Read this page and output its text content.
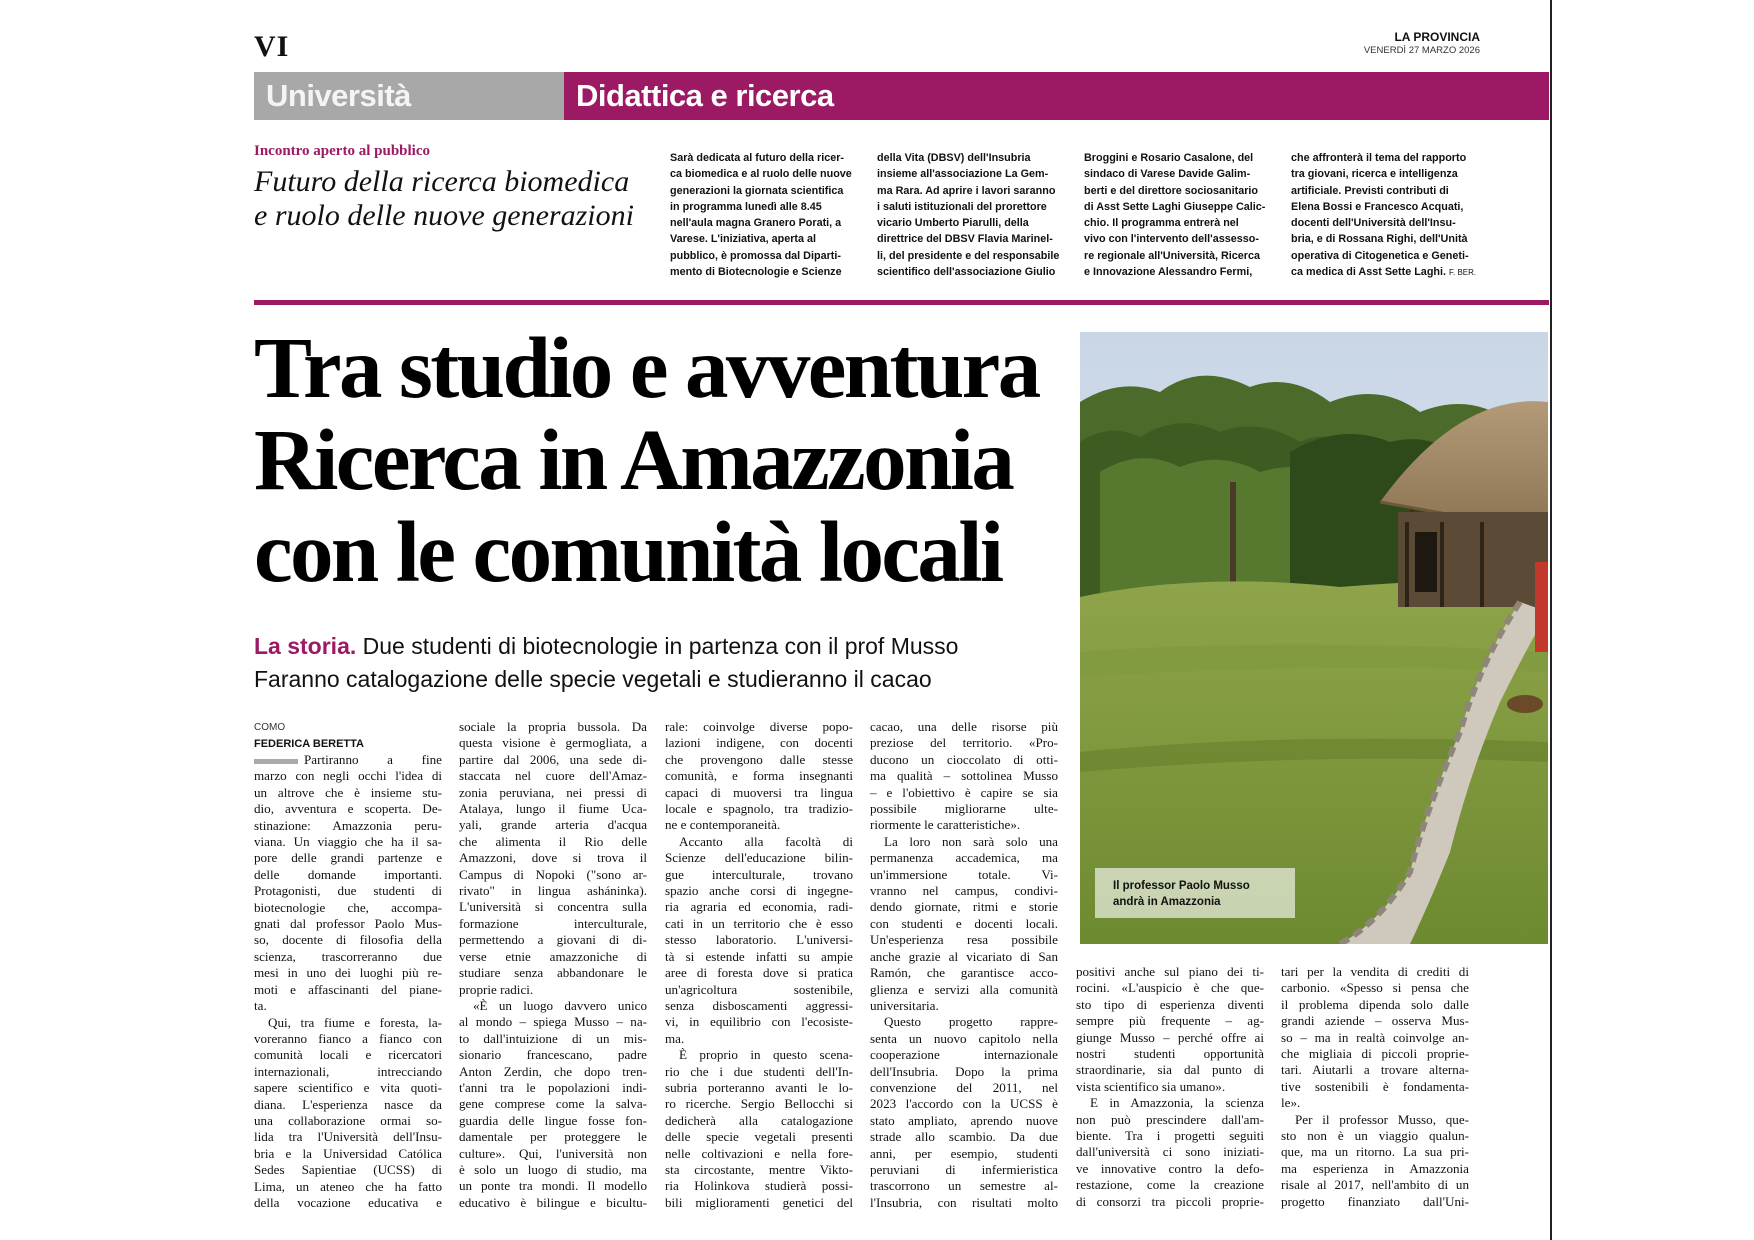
VI	LA PROVINCIA
VENERDÌ 27 MARZO 2026
Università	Didattica e ricerca
Incontro aperto al pubblico
Futuro della ricerca biomedica
e ruolo delle nuove generazioni
Sarà dedicata al futuro della ricer-
ca biomedica e al ruolo delle nuove
generazioni la giornata scientifica
in programma lunedì alle 8.45
nell'aula magna Granero Porati, a
Varese. L'iniziativa, aperta al
pubblico, è promossa dal Diparti-
mento di Biotecnologie e Scienze
della Vita (DBSV) dell'Insubria
insieme all'associazione La Gem-
ma Rara. Ad aprire i lavori saranno
i saluti istituzionali del prorettore
vicario Umberto Piarulli, della
direttrice del DBSV Flavia Marinel-
li, del presidente e del responsabile
scientifico dell'associazione Giulio
Broggini e Rosario Casalone, del
sindaco di Varese Davide Galim-
berti e del direttore sociosanitario
di Asst Sette Laghi Giuseppe Calic-
chio. Il programma entrerà nel
vivo con l'intervento dell'assesso-
re regionale all'Università, Ricerca
e Innovazione Alessandro Fermi,
che affronterà il tema del rapporto
tra giovani, ricerca e intelligenza
artificiale. Previsti contributi di
Elena Bossi e Francesco Acquati,
docenti dell'Università dell'Insu-
bria, e di Rossana Righi, dell'Unità
operativa di Citogenetica e Geneti-
ca medica di Asst Sette Laghi. F. BER.
Tra studio e avventura
Ricerca in Amazzonia
con le comunità locali
La storia. Due studenti di biotecnologie in partenza con il prof Musso
Faranno catalogazione delle specie vegetali e studieranno il cacao
Il professor Paolo Musso
andrà in Amazzonia
COMO
FEDERICA BERETTA
Partiranno a fine
marzo con negli occhi l'idea di
un altrove che è insieme stu-
dio, avventura e scoperta. De-
stinazione: Amazzonia peru-
viana. Un viaggio che ha il sa-
pore delle grandi partenze e
delle domande importanti.
Protagonisti, due studenti di
biotecnologie che, accompa-
gnati dal professor Paolo Mus-
so, docente di filosofia della
scienza, trascorreranno due
mesi in uno dei luoghi più re-
moti e affascinanti del piane-
ta.
Qui, tra fiume e foresta, la-
voreranno fianco a fianco con
comunità locali e ricercatori
internazionali, intrecciando
sapere scientifico e vita quoti-
diana. L'esperienza nasce da
una collaborazione ormai so-
lida tra l'Università dell'Insu-
bria e la Universidad Católica
Sedes Sapientiae (UCSS) di
Lima, un ateneo che ha fatto
della vocazione educativa e
sociale la propria bussola. Da
questa visione è germogliata, a
partire dal 2006, una sede di-
staccata nel cuore dell'Amaz-
zonia peruviana, nei pressi di
Atalaya, lungo il fiume Uca-
yali, grande arteria d'acqua
che alimenta il Rio delle
Amazzoni, dove si trova il
Campus di Nopoki ("sono ar-
rivato" in lingua asháninka).
L'università si concentra sulla
formazione interculturale,
permettendo a giovani di di-
verse etnie amazzoniche di
studiare senza abbandonare le
proprie radici.
«È un luogo davvero unico
al mondo – spiega Musso – na-
to dall'intuizione di un mis-
sionario francescano, padre
Anton Zerdin, che dopo tren-
t'anni tra le popolazioni indi-
gene comprese come la salva-
guardia delle lingue fosse fon-
damentale per proteggere le
culture». Qui, l'università non
è solo un luogo di studio, ma
un ponte tra mondi. Il modello
educativo è bilingue e bicultu-
rale: coinvolge diverse popo-
lazioni indigene, con docenti
che provengono dalle stesse
comunità, e forma insegnanti
capaci di muoversi tra lingua
locale e spagnolo, tra tradizio-
ne e contemporaneità.
Accanto alla facoltà di
Scienze dell'educazione bilin-
gue interculturale, trovano
spazio anche corsi di ingegne-
ria agraria ed economia, radi-
cati in un territorio che è esso
stesso laboratorio. L'universi-
tà si estende infatti su ampie
aree di foresta dove si pratica
un'agricoltura sostenibile,
senza disboscamenti aggressi-
vi, in equilibrio con l'ecosiste-
ma.
È proprio in questo scena-
rio che i due studenti dell'In-
subria porteranno avanti le lo-
ro ricerche. Sergio Bellocchi si
dedicherà alla catalogazione
delle specie vegetali presenti
nelle coltivazioni e nella fore-
sta circostante, mentre Vikto-
ria Holinkova studierà possi-
bili miglioramenti genetici del
cacao, una delle risorse più
preziose del territorio. «Pro-
ducono un cioccolato di otti-
ma qualità – sottolinea Musso
– e l'obiettivo è capire se sia
possibile migliorarne ulte-
riormente le caratteristiche».
La loro non sarà solo una
permanenza accademica, ma
un'immersione totale. Vi-
vranno nel campus, condivi-
dendo giornate, ritmi e storie
con studenti e docenti locali.
Un'esperienza resa possibile
anche grazie al vicariato di San
Ramón, che garantisce acco-
glienza e servizi alla comunità
universitaria.
Questo progetto rappre-
senta un nuovo capitolo nella
cooperazione internazionale
dell'Insubria. Dopo la prima
convenzione del 2011, nel
2023 l'accordo con la UCSS è
stato ampliato, aprendo nuove
strade allo scambio. Da due
anni, per esempio, studenti
peruviani di infermieristica
trascorrono un semestre al-
l'Insubria, con risultati molto
positivi anche sul piano dei ti-
rocini. «L'auspicio è che que-
sto tipo di esperienza diventi
sempre più frequente – ag-
giunge Musso – perché offre ai
nostri studenti opportunità
straordinarie, sia dal punto di
vista scientifico sia umano».
E in Amazzonia, la scienza
non può prescindere dall'am-
biente. Tra i progetti seguiti
dall'università ci sono iniziati-
ve innovative contro la defo-
restazione, come la creazione
di consorzi tra piccoli proprie-
tari per la vendita di crediti di
carbonio. «Spesso si pensa che
il problema dipenda solo dalle
grandi aziende – osserva Mus-
so – ma in realtà coinvolge an-
che migliaia di piccoli proprie-
tari. Aiutarli a trovare alterna-
tive sostenibili è fondamenta-
le».
Per il professor Musso, que-
sto non è un viaggio qualun-
que, ma un ritorno. La sua pri-
ma esperienza in Amazzonia
risale al 2017, nell'ambito di un
progetto finanziato dall'Uni-
